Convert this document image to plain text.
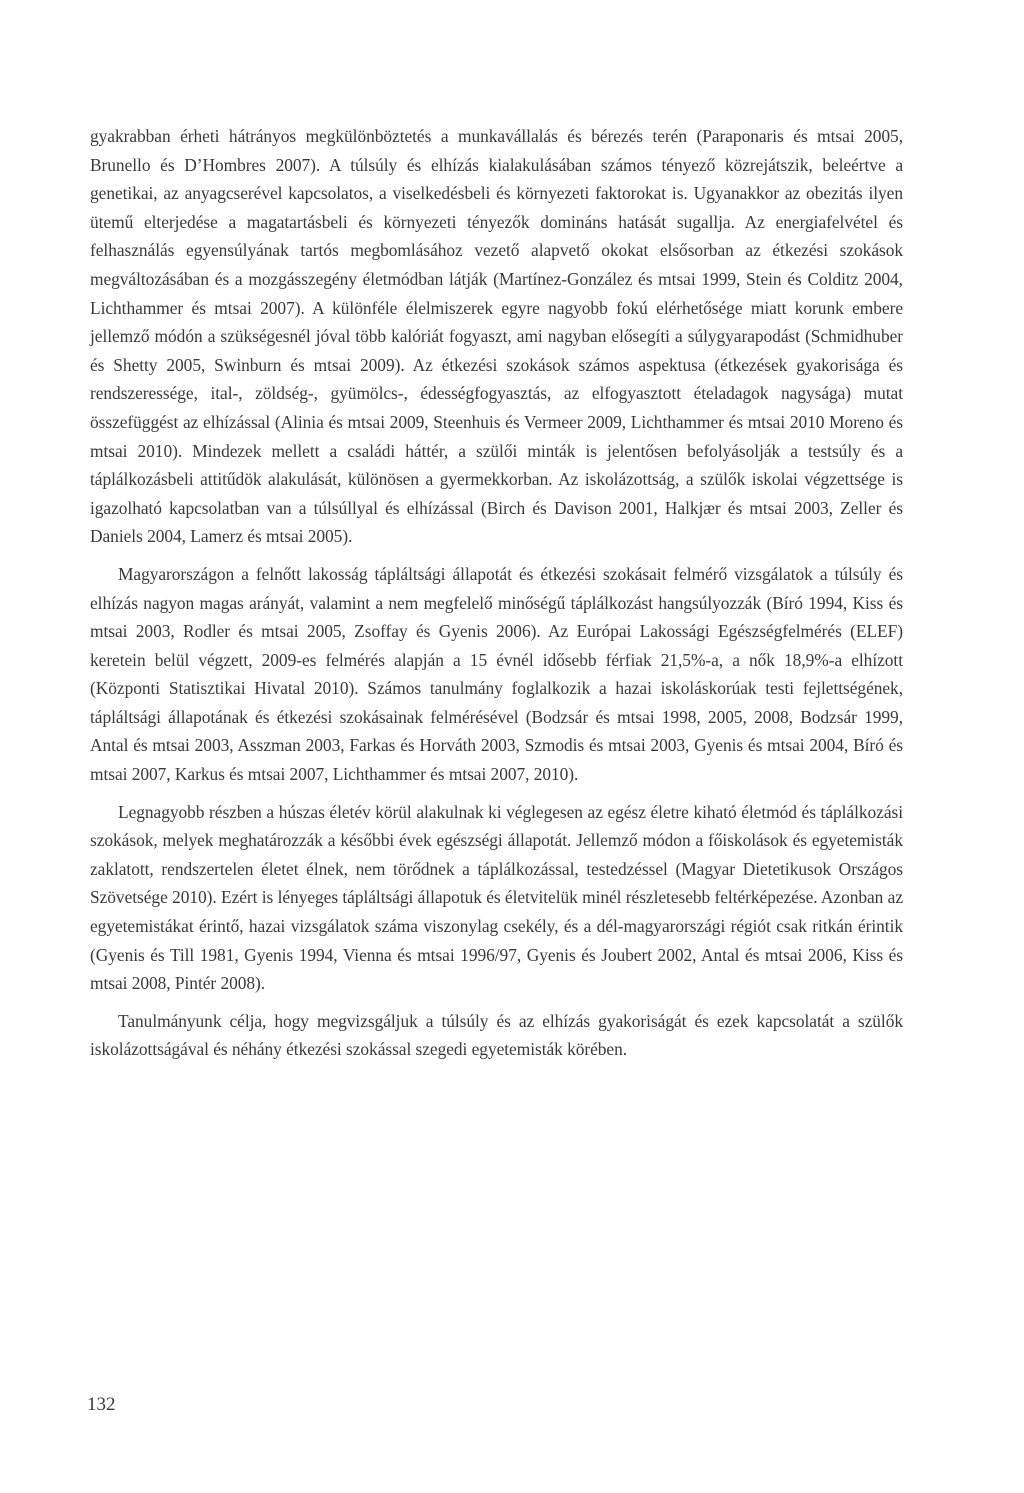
gyakrabban érheti hátrányos megkülönböztetés a munkavállalás és bérezés terén (Paraponaris és mtsai 2005, Brunello és D’Hombres 2007). A túlsúly és elhízás kialakulásában számos tényező közrejátszik, beleértve a genetikai, az anyagcserével kapcsolatos, a viselkedésbeli és környezeti faktorokat is. Ugyanakkor az obezitás ilyen ütemű elterjedése a magatartásbeli és környezeti tényezők domináns hatását sugallja. Az energiafelvétel és felhasználás egyensúlyának tartós megbomlásához vezető alapvető okokat elsősorban az étkezési szokások megváltozásában és a mozgásszegény életmódban látják (Martínez-González és mtsai 1999, Stein és Colditz 2004, Lichthammer és mtsai 2007). A különféle élelmiszerek egyre nagyobb fokú elérhetősége miatt korunk embere jellemző módón a szükségesnél jóval több kalóriát fogyaszt, ami nagyban elősegíti a súlygyarapodást (Schmidhuber és Shetty 2005, Swinburn és mtsai 2009). Az étkezési szokások számos aspektusa (étkezések gyakorisága és rendszeressége, ital-, zöldség-, gyümölcs-, édességfogyasztás, az elfogyasztott ételadagok nagysága) mutat összefüggést az elhízással (Alinia és mtsai 2009, Steenhuis és Vermeer 2009, Lichthammer és mtsai 2010 Moreno és mtsai 2010). Mindezek mellett a családi háttér, a szülői minták is jelentősen befolyásolják a testsúly és a táplálkozásbeli attitűdök alakulását, különösen a gyermekkorban. Az iskolázottság, a szülők iskolai végzettsége is igazolható kapcsolatban van a túlsúllyal és elhízással (Birch és Davison 2001, Halkjær és mtsai 2003, Zeller és Daniels 2004, Lamerz és mtsai 2005).

Magyarországon a felnőtt lakosság tápláltsági állapotát és étkezési szokásait felmérő vizsgálatok a túlsúly és elhízás nagyon magas arányát, valamint a nem megfelelő minőségű táplálkozást hangsúlyozzák (Bíró 1994, Kiss és mtsai 2003, Rodler és mtsai 2005, Zsoffay és Gyenis 2006). Az Európai Lakossági Egészségfelmérés (ELEF) keretein belül végzett, 2009-es felmérés alapján a 15 évnél idősebb férfiak 21,5%-a, a nők 18,9%-a elhízott (Központi Statisztikai Hivatal 2010). Számos tanulmány foglalkozik a hazai iskoláskorúak testi fejlettségének, tápláltsági állapotának és étkezési szokásainak felmérésével (Bodzsár és mtsai 1998, 2005, 2008, Bodzsár 1999, Antal és mtsai 2003, Asszman 2003, Farkas és Horváth 2003, Szmodis és mtsai 2003, Gyenis és mtsai 2004, Bíró és mtsai 2007, Karkus és mtsai 2007, Lichthammer és mtsai 2007, 2010).

Legnagyobb részben a húszas életév körül alakulnak ki véglegesen az egész életre kiható életmód és táplálkozási szokások, melyek meghatározzák a későbbi évek egészségi állapotát. Jellemző módon a főiskolások és egyetemisták zaklatott, rendszertelen életet élnek, nem törődnek a táplálkozással, testedzéssel (Magyar Dietetikusok Országos Szövetsége 2010). Ezért is lényeges tápláltsági állapotuk és életvitelük minél részletesebb feltérképezése. Azonban az egyetemistákat érintő, hazai vizsgálatok száma viszonylag csekély, és a dél-magyarországi régiót csak ritkán érintik (Gyenis és Till 1981, Gyenis 1994, Vienna és mtsai 1996/97, Gyenis és Joubert 2002, Antal és mtsai 2006, Kiss és mtsai 2008, Pintér 2008).

Tanulmányunk célja, hogy megvizsgáljuk a túlsúly és az elhízás gyakoriságát és ezek kapcsolatát a szülők iskolázottságával és néhány étkezési szokással szegedi egyetemisták körében.

132
